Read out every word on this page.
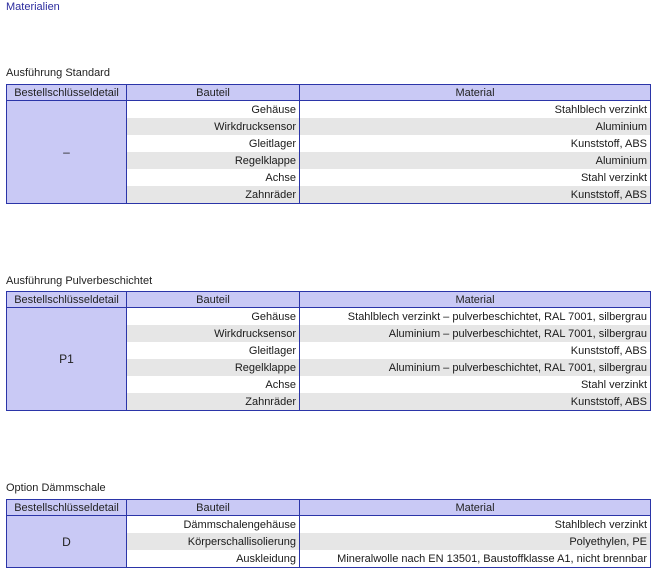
Materialien
Ausführung Standard
Bestellschlüsseldetail	Bauteil	Material
–	Gehäuse	Stahlblech verzinkt
	Wirkdrucksensor	Aluminium
	Gleitlager	Kunststoff, ABS
	Regelklappe	Aluminium
	Achse	Stahl verzinkt
	Zahnräder	Kunststoff, ABS
Ausführung Pulverbeschichtet
Bestellschlüsseldetail	Bauteil	Material
P1	Gehäuse	Stahlblech verzinkt – pulverbeschichtet, RAL 7001, silbergrau
	Wirkdrucksensor	Aluminium – pulverbeschichtet, RAL 7001, silbergrau
	Gleitlager	Kunststoff, ABS
	Regelklappe	Aluminium – pulverbeschichtet, RAL 7001, silbergrau
	Achse	Stahl verzinkt
	Zahnräder	Kunststoff, ABS
Option Dämmschale
Bestellschlüsseldetail	Bauteil	Material
D	Dämmschalengehäuse	Stahlblech verzinkt
	Körperschallisolierung	Polyethylen, PE
	Auskleidung	Mineralwolle nach EN 13501, Baustoffklasse A1, nicht brennbar
